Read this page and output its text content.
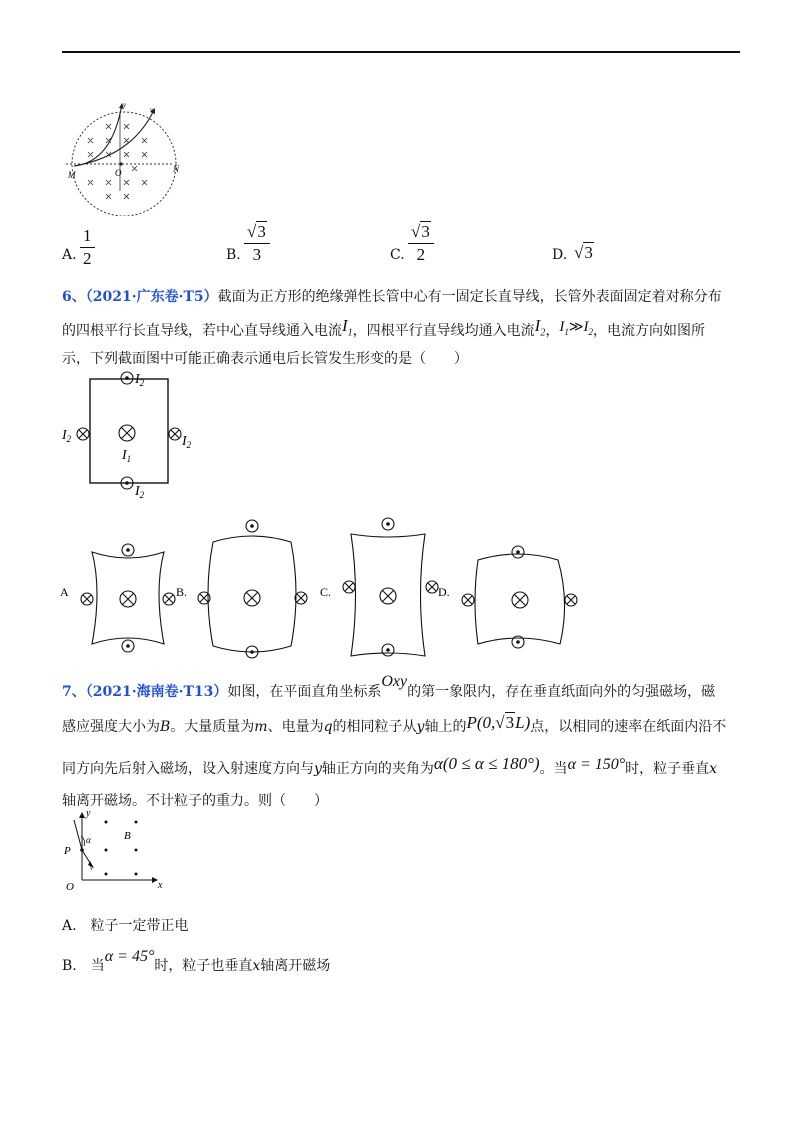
M	O	N
v
v
A. $\frac{1}{2}$	B. $\frac{√3}{3}$	C. $\frac{√3}{2}$	D. √3
6、（2021·广东卷·T5）截面为正方形的绝缘弹性长管中心有一固定长直导线，长管外表面固定着对称分布
的四根平行长直导线，若中心直导线通入电流$I_1$，四根平行直导线均通入电流$I_2$，$I_1≫I_2$，电流方向如图所
示，下列截面图中可能正确表示通电后长管发生形变的是（　　）
$I_2$
$I_2$	$I_2$
$I_1$
$I_2$
A	B.	C.	D.
7、（2021·海南卷·T13）如图，在平面直角坐标系Oxy的第一象限内，存在垂直纸面向外的匀强磁场，磁
感应强度大小为B。大量质量为m、电量为q的相同粒子从y轴上的P(0,√3L)点，以相同的速率在纸面内沿不
同方向先后射入磁场，设入射速度方向与y轴正方向的夹角为α(0 ≤ α ≤ 180°)。当α = 150°时，粒子垂直x
轴离开磁场。不计粒子的重力。则（　　）
y
x
O
P
B
α
v
A.　粒子一定带正电
B.　当α = 45°时，粒子也垂直x轴离开磁场
